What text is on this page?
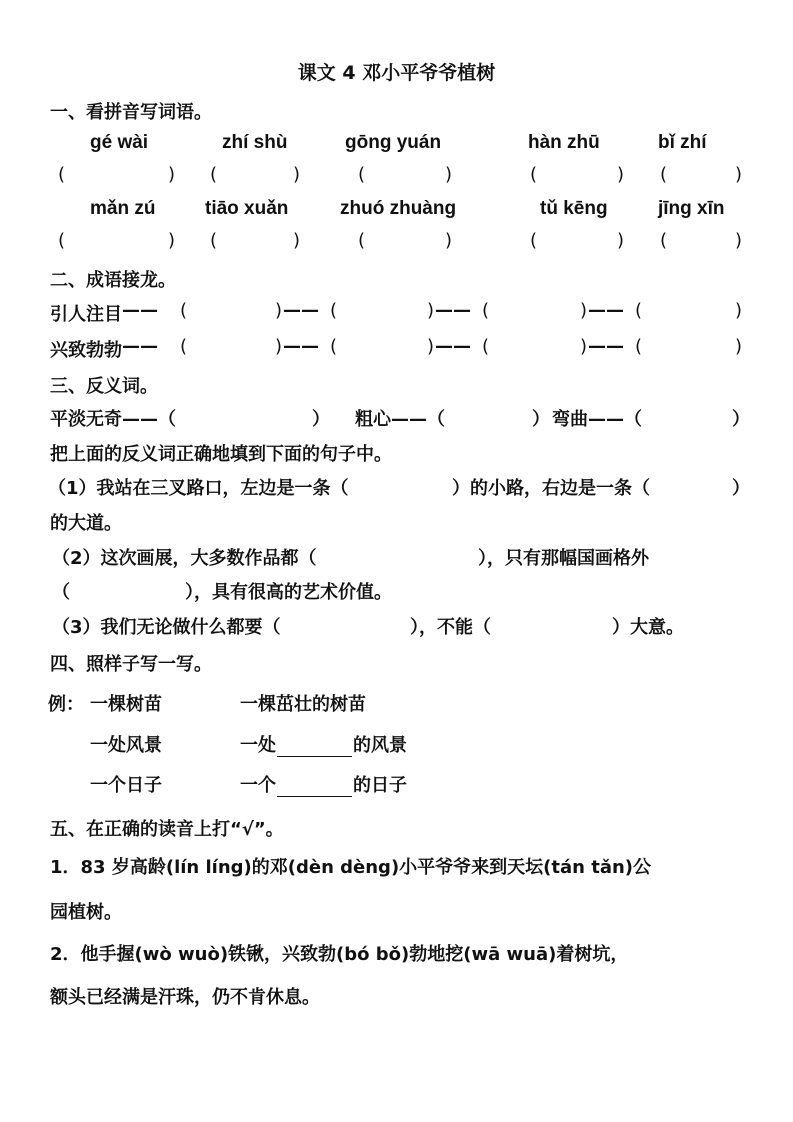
课文 4 邓小平爷爷植树
一、看拼音写词语。
gé wài	zhí shù	gōng yuán	hàn zhū	bǐ zhí
(	) (	)	(	)	(	) (	)
mǎn zú	tiāo xuǎn	zhuó zhuàng	tǔ kēng	jīng xīn
(	) (	)	(	)	(	) (	)
二、成语接龙。
引人注目 —— (	) —— (	) —— (	) —— (	)
兴致勃勃 —— (	) —— (	) —— (	) —— (	)
三、反义词。
平淡无奇——（	） 粗心——（	） 弯曲——（	）
把上面的反义词正确地填到下面的句子中。
（1）我站在三叉路口，左边是一条（	）的小路，右边是一条（	）
的大道。
（2）这次画展，大多数作品都（	），只有那幅国画格外
（	），具有很高的艺术价值。
（3）我们无论做什么都要（	），不能（	）大意。
四、照样子写一写。
例： 一棵树苗	一棵茁壮的树苗
一处风景	一处	的风景
一个日子	一个	的日子
五、在正确的读音上打“√”。
1．83 岁高龄(lín líng)的邓(dèn dèng)小平爷爷来到天坛(tán tǎn)公
园植树。
2．他手握(wò wuò)铁锹，兴致勃(bó bǒ)勃地挖(wā wuā)着树坑，
额头已经满是汗珠，仍不肯休息。
